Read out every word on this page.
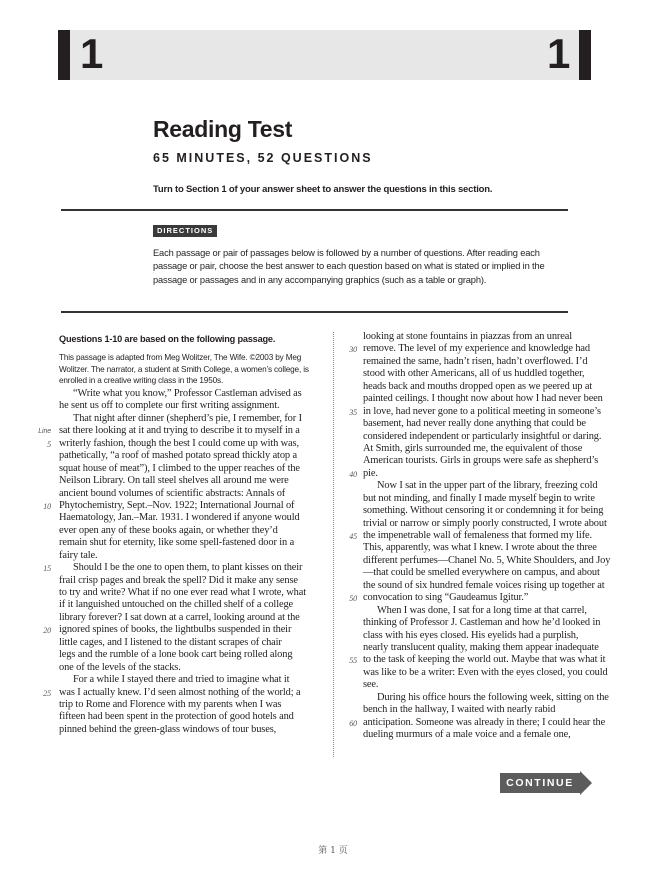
1	1
Reading Test
65 MINUTES, 52 QUESTIONS
Turn to Section 1 of your answer sheet to answer the questions in this section.
DIRECTIONS
Each passage or pair of passages below is followed by a number of questions. After reading each passage or pair, choose the best answer to each question based on what is stated or implied in the passage or passages and in any accompanying graphics (such as a table or graph).
Questions 1-10 are based on the following passage.
This passage is adapted from Meg Wolitzer, The Wife. ©2003 by Meg Wolitzer. The narrator, a student at Smith College, a women’s college, is enrolled in a creative writing class in the 1950s.
“Write what you know,” Professor Castleman advised as
he sent us off to complete our first writing assignment.
That night after dinner (shepherd’s pie, I remember, for I
Line sat there looking at it and trying to describe it to myself in a
5 writerly fashion, though the best I could come up with was,
pathetically, “a roof of mashed potato spread thickly atop a
squat house of meat”), I climbed to the upper reaches of the
Neilson Library. On tall steel shelves all around me were
ancient bound volumes of scientific abstracts: Annals of
10 Phytochemistry, Sept.–Nov. 1922; International Journal of
Haematology, Jan.–Mar. 1931. I wondered if anyone would
ever open any of these books again, or whether they’d
remain shut for eternity, like some spell-fastened door in a
fairy tale.
15 Should I be the one to open them, to plant kisses on their
frail crisp pages and break the spell? Did it make any sense
to try and write? What if no one ever read what I wrote, what
if it languished untouched on the chilled shelf of a college
library forever? I sat down at a carrel, looking around at the
20 ignored spines of books, the lightbulbs suspended in their
little cages, and I listened to the distant scrapes of chair
legs and the rumble of a lone book cart being rolled along
one of the levels of the stacks.
For a while I stayed there and tried to imagine what it
25 was I actually knew. I’d seen almost nothing of the world; a
trip to Rome and Florence with my parents when I was
fifteen had been spent in the protection of good hotels and
pinned behind the green-glass windows of tour buses,
looking at stone fountains in piazzas from an unreal
30 remove. The level of my experience and knowledge had
remained the same, hadn’t risen, hadn’t overflowed. I’d
stood with other Americans, all of us huddled together,
heads back and mouths dropped open as we peered up at
painted ceilings. I thought now about how I had never been
35 in love, had never gone to a political meeting in someone’s
basement, had never really done anything that could be
considered independent or particularly insightful or daring.
At Smith, girls surrounded me, the equivalent of those
American tourists. Girls in groups were safe as shepherd’s
40 pie.
Now I sat in the upper part of the library, freezing cold
but not minding, and finally I made myself begin to write
something. Without censoring it or condemning it for being
trivial or narrow or simply poorly constructed, I wrote about
45 the impenetrable wall of femaleness that formed my life.
This, apparently, was what I knew. I wrote about the three
different perfumes—Chanel No. 5, White Shoulders, and Joy
—that could be smelled everywhere on campus, and about
the sound of six hundred female voices rising up together at
50 convocation to sing “Gaudeamus Igitur.”
When I was done, I sat for a long time at that carrel,
thinking of Professor J. Castleman and how he’d looked in
class with his eyes closed. His eyelids had a purplish,
nearly translucent quality, making them appear inadequate
55 to the task of keeping the world out. Maybe that was what it
was like to be a writer: Even with the eyes closed, you could
see.
During his office hours the following week, sitting on the
bench in the hallway, I waited with nearly rabid
60 anticipation. Someone was already in there; I could hear the
dueling murmurs of a male voice and a female one,
CONTINUE
第 1 页
